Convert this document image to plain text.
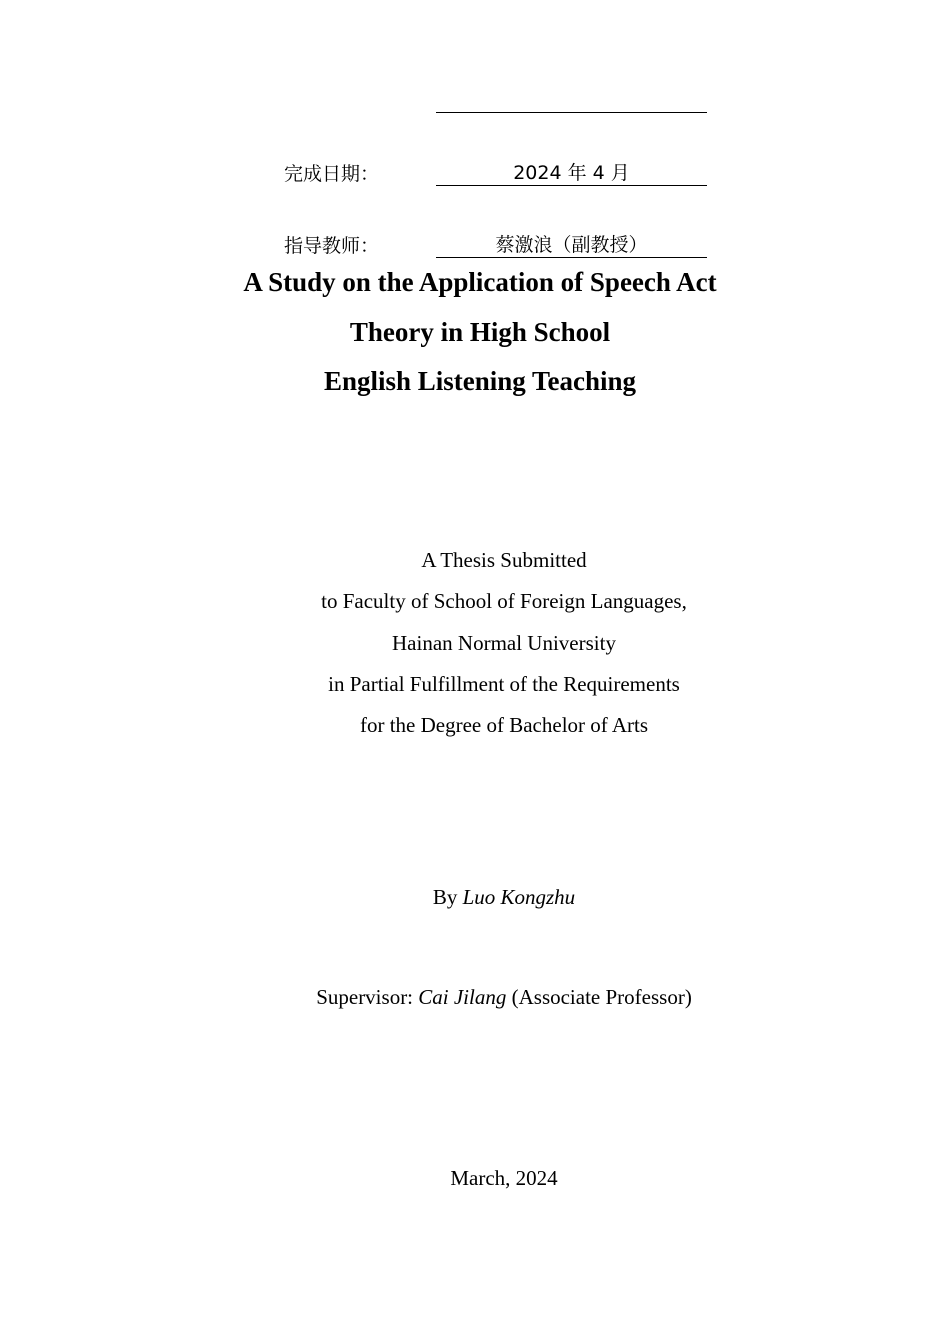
完成日期：	2024 年 4 月
指导教师：	蔡激浪（副教授）
A Study on the Application of Speech Act
Theory in High School
English Listening Teaching
A Thesis Submitted
to Faculty of School of Foreign Languages,
Hainan Normal University
in Partial Fulfillment of the Requirements
for the Degree of Bachelor of Arts
By Luo Kongzhu
Supervisor: Cai Jilang (Associate Professor)
March, 2024
